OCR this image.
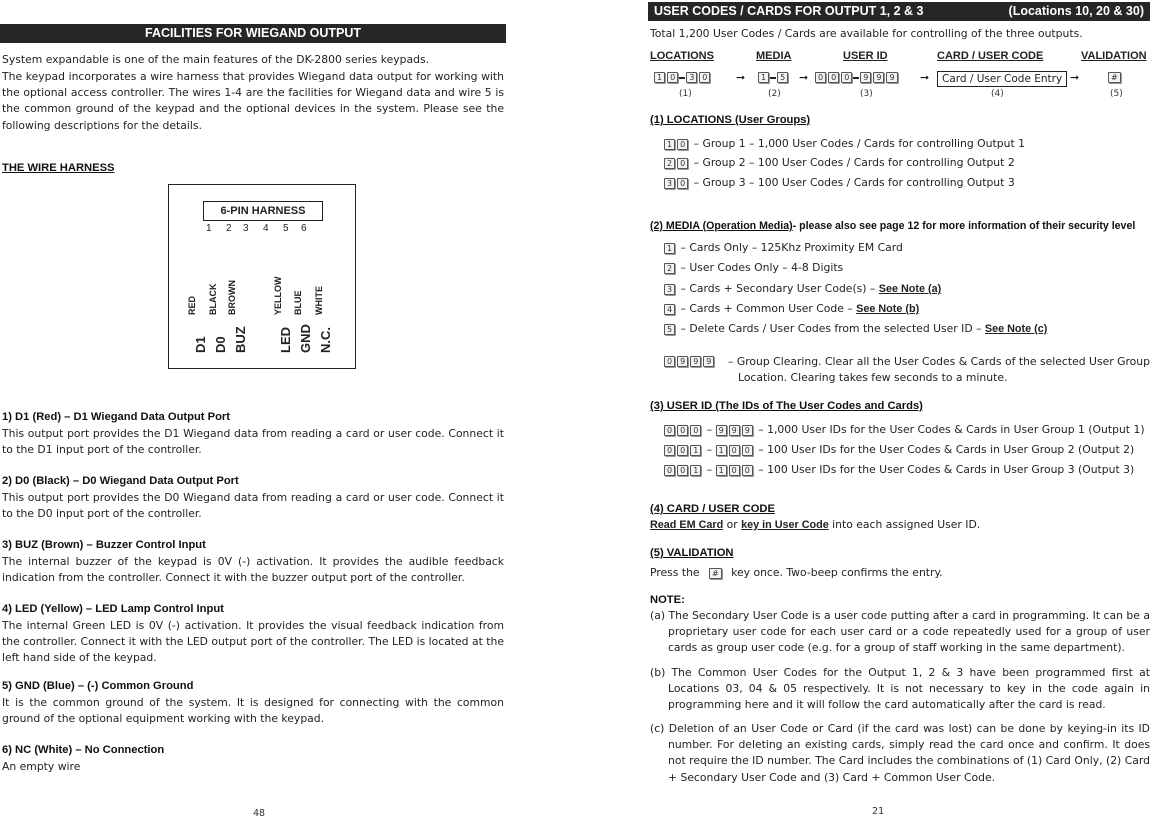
FACILITIES FOR WIEGAND OUTPUT
System expandable is one of the main features of the DK-2800 series keypads.
The keypad incorporates a wire harness that provides Wiegand data output for working with the optional access controller. The wires 1-4 are the facilities for Wiegand data and wire 5 is the common ground of the keypad and the optional devices in the system. Please see the following descriptions for the details.
THE WIRE HARNESS
6-PIN HARNESS
1 2 3 4 5 6
RED BLACK BROWN	YELLOW BLUE WHITE
D1 D0 BUZ LED GND N.C.
1) D1 (Red) – D1 Wiegand Data Output Port
This output port provides the D1 Wiegand data from reading a card or user code. Connect it to the D1 input port of the controller.
2) D0 (Black) – D0 Wiegand Data Output Port
This output port provides the D0 Wiegand data from reading a card or user code. Connect it to the D0 input port of the controller.
3) BUZ (Brown) – Buzzer Control Input
The internal buzzer of the keypad is 0V (-) activation. It provides the audible feedback indication from the controller. Connect it with the buzzer output port of the controller.
4) LED (Yellow) – LED Lamp Control Input
The internal Green LED is 0V (-) activation. It provides the visual feedback indication from the controller. Connect it with the LED output port of the controller. The LED is located at the left hand side of the keypad.
5) GND (Blue) – (-) Common Ground
It is the common ground of the system. It is designed for connecting with the common ground of the optional equipment working with the keypad.
6) NC (White) – No Connection
An empty wire
48
USER CODES / CARDS FOR OUTPUT 1, 2 & 3	(Locations 10, 20 & 30)
Total 1,200 User Codes / Cards are available for controlling of the three outputs.
LOCATIONS	MEDIA	USER ID	CARD / USER CODE	VALIDATION
1	0	3	0	➞	1	5 ➞	0	0	0	9	9	9 ➞	Card / User Code Entry ➞	#
(1)	(2)	(3)	(4)	(5)
(1) LOCATIONS (User Groups)
1 0 – Group 1 – 1,000 User Codes / Cards for controlling Output 1
2 0 – Group 2 – 100 User Codes / Cards for controlling Output 2
3 0 – Group 3 – 100 User Codes / Cards for controlling Output 3
(2) MEDIA (Operation Media)- please also see page 12 for more information of their security level
1 – Cards Only – 125Khz Proximity EM Card
2 – User Codes Only – 4-8 Digits
3 – Cards + Secondary User Code(s) – See Note (a)
4 – Cards + Common User Code – See Note (b)
5 – Delete Cards / User Codes from the selected User ID – See Note (c)
0	9	9	9 – Group Clearing. Clear all the User Codes & Cards of the selected User Group Location. Clearing takes few seconds to a minute.
(3) USER ID (The IDs of The User Codes and Cards)
0 0 0 – 9 9 9 – 1,000 User IDs for the User Codes & Cards in User Group 1 (Output 1)
0 0 1 – 1 0 0 – 100 User IDs for the User Codes & Cards in User Group 2 (Output 2)
0 0 1 – 1 0 0 – 100 User IDs for the User Codes & Cards in User Group 3 (Output 3)
(4) CARD / USER CODE
Read EM Card or key in User Code into each assigned User ID.
(5) VALIDATION
Press the # key once. Two-beep confirms the entry.
NOTE:
(a) The Secondary User Code is a user code putting after a card in programming. It can be a proprietary user code for each user card or a code repeatedly used for a group of user cards as group user code (e.g. for a group of staff working in the same department).
(b) The Common User Codes for the Output 1, 2 & 3 have been programmed first at Locations 03, 04 & 05 respectively. It is not necessary to key in the code again in programming here and it will follow the card automatically after the card is read.
(c) Deletion of an User Code or Card (if the card was lost) can be done by keying-in its ID number. For deleting an existing cards, simply read the card once and confirm. It does not require the ID number. The Card includes the combinations of (1) Card Only, (2) Card + Secondary User Code and (3) Card + Common User Code.
21
